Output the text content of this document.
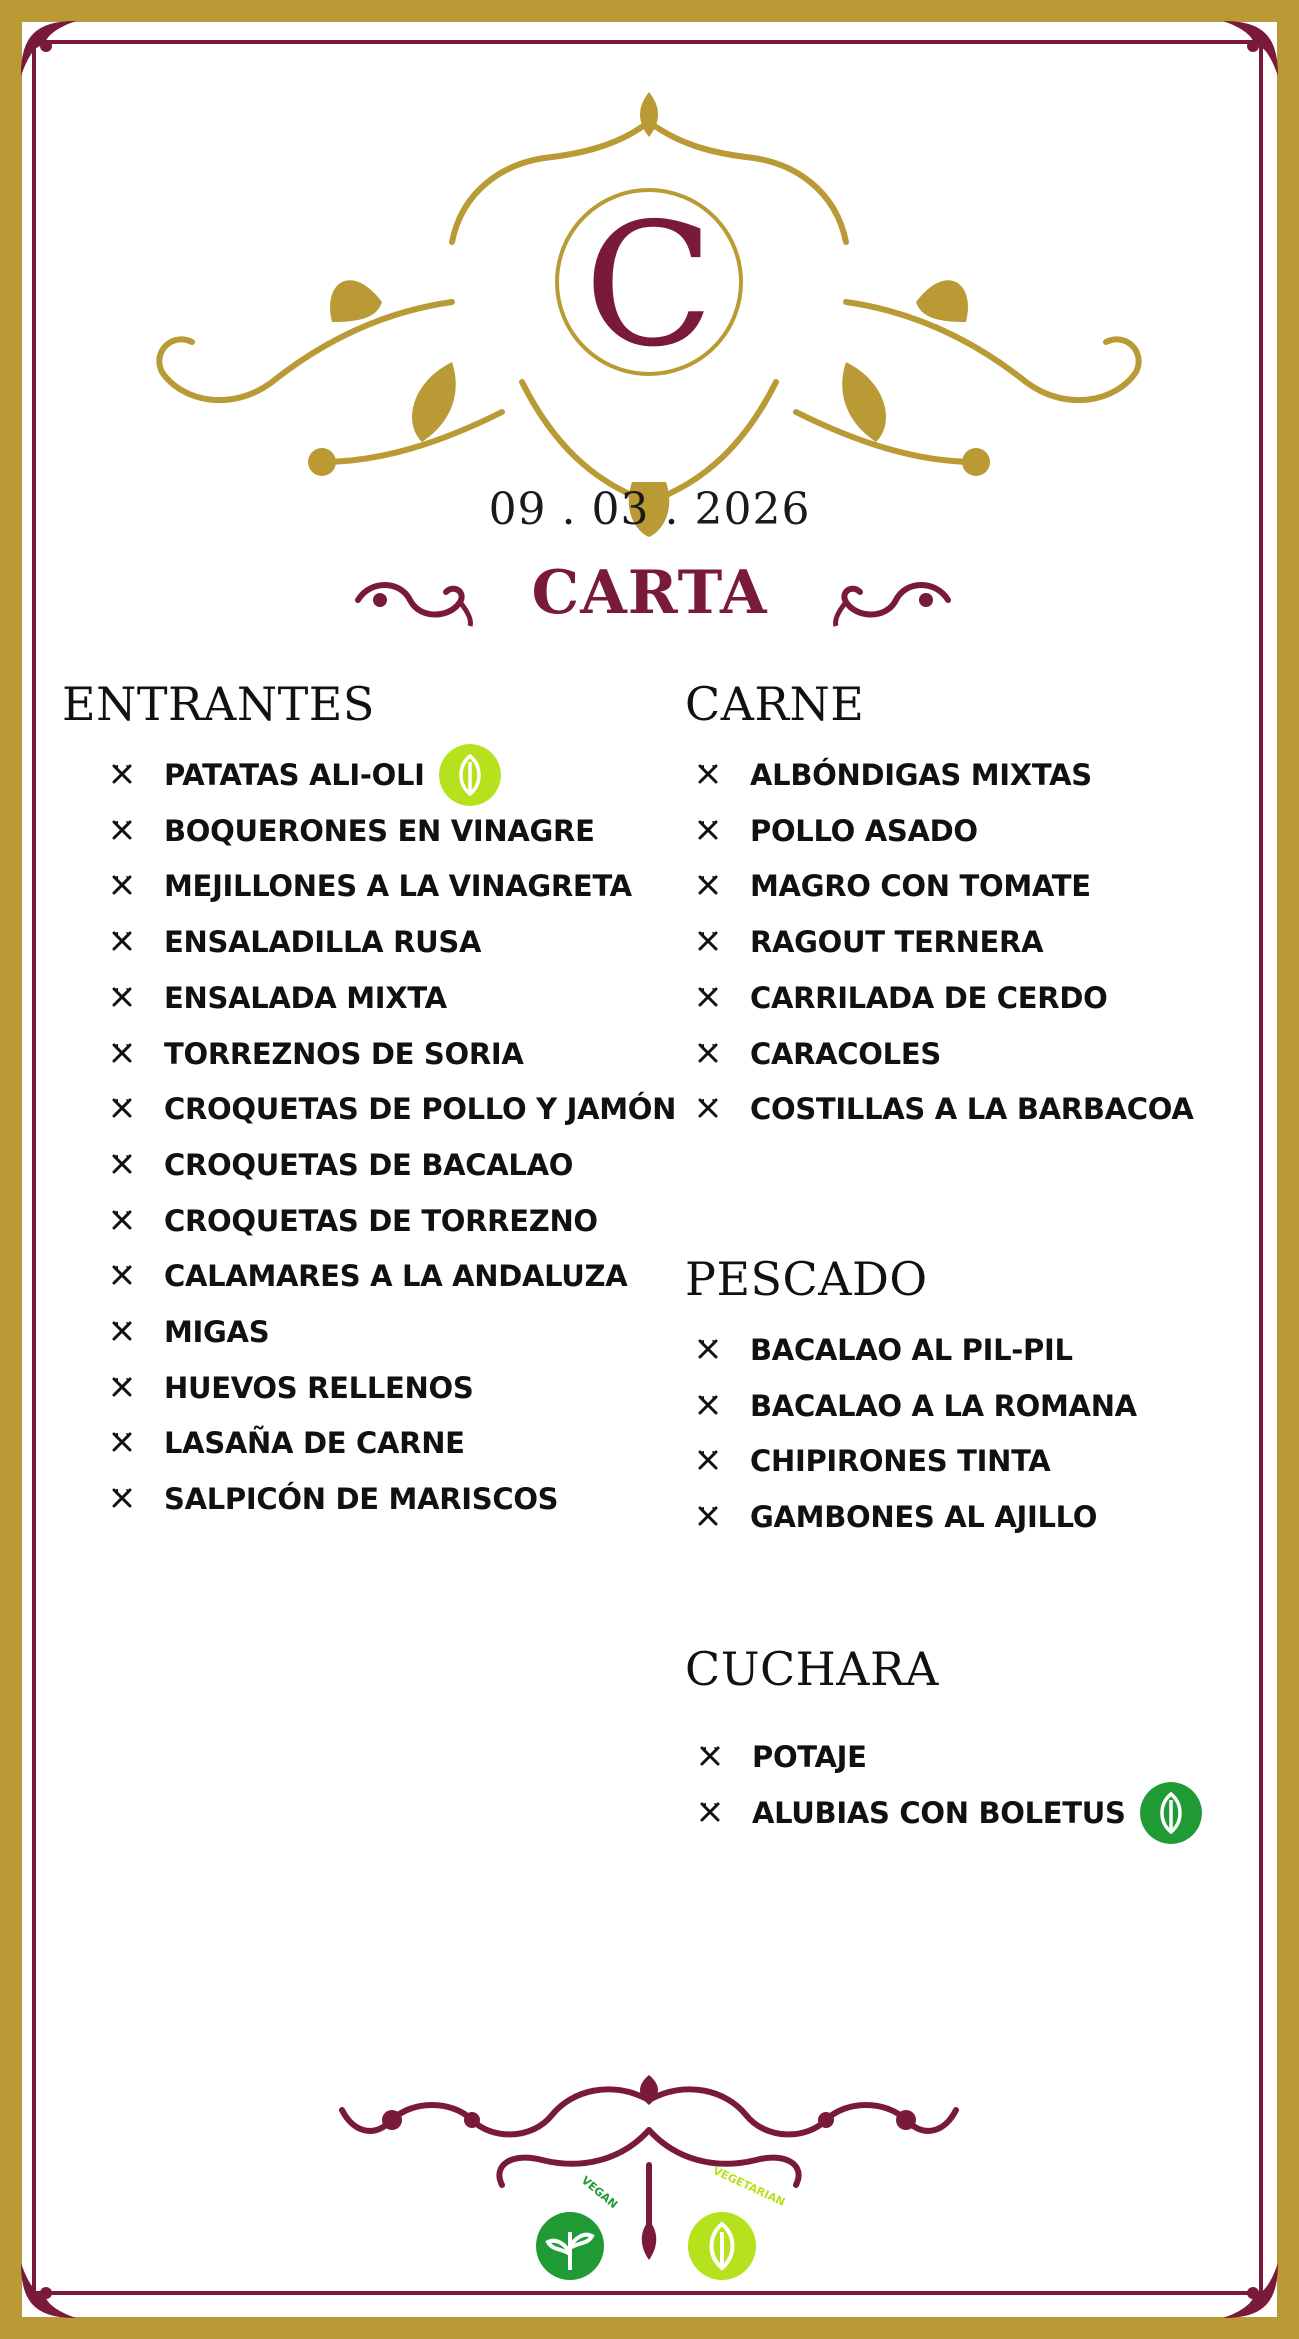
C
09 . 03 . 2026
CARTA
ENTRANTES
PATATAS ALI-OLI
BOQUERONES EN VINAGRE
MEJILLONES A LA VINAGRETA
ENSALADILLA RUSA
ENSALADA MIXTA
TORREZNOS DE SORIA
CROQUETAS DE POLLO Y JAMÓN
CROQUETAS DE BACALAO
CROQUETAS DE TORREZNO
CALAMARES A LA ANDALUZA
MIGAS
HUEVOS RELLENOS
LASAÑA DE CARNE
SALPICÓN DE MARISCOS
CARNE
ALBÓNDIGAS MIXTAS
POLLO ASADO
MAGRO CON TOMATE
RAGOUT TERNERA
CARRILADA DE CERDO
CARACOLES
COSTILLAS A LA BARBACOA
PESCADO
BACALAO AL PIL-PIL
BACALAO A LA ROMANA
CHIPIRONES TINTA
GAMBONES AL AJILLO
CUCHARA
POTAJE
ALUBIAS CON BOLETUS
VEGAN	VEGETARIAN
